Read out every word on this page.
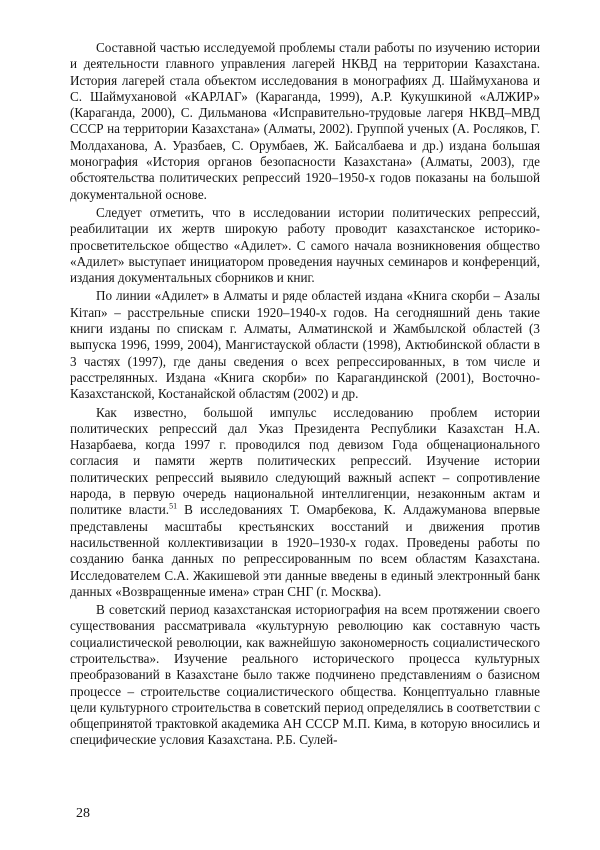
Составной частью исследуемой проблемы стали работы по изучению истории и деятельности главного управления лагерей НКВД на территории Казахстана. История лагерей стала объектом исследования в монографиях Д. Шаймуханова и С. Шаймухановой «КАРЛАГ» (Караганда, 1999), А.Р. Кукушкиной «АЛЖИР» (Караганда, 2000), С. Дильманова «Исправительно-трудовые лагеря НКВД–МВД СССР на территории Казахстана» (Алматы, 2002). Группой ученых (А. Росляков, Г. Молдаханова, А. Уразбаев, С. Орумбаев, Ж. Байсалбаева и др.) издана большая монография «История органов безопасности Казахстана» (Алматы, 2003), где обстоятельства политических репрессий 1920–1950-х годов показаны на большой документальной основе.

Следует отметить, что в исследовании истории политических репрессий, реабилитации их жертв широкую работу проводит казахстанское историко-просветительское общество «Адилет». С самого начала возникновения общество «Адилет» выступает инициатором проведения научных семинаров и конференций, издания документальных сборников и книг.

По линии «Адилет» в Алматы и ряде областей издана «Книга скорби – Азалы Кітап» – расстрельные списки 1920–1940-х годов. На сегодняшний день такие книги изданы по спискам г. Алматы, Алматинской и Жамбылской областей (3 выпуска 1996, 1999, 2004), Мангистауской области (1998), Актюбинской области в 3 частях (1997), где даны сведения о всех репрессированных, в том числе и расстрелянных. Издана «Книга скорби» по Карагандинской (2001), Восточно-Казахстанской, Костанайской областям (2002) и др.

Как известно, большой импульс исследованию проблем истории политических репрессий дал Указ Президента Республики Казахстан Н.А. Назарбаева, когда 1997 г. проводился под девизом Года общенационального согласия и памяти жертв политических репрессий. Изучение истории политических репрессий выявило следующий важный аспект – сопротивление народа, в первую очередь национальной интеллигенции, незаконным актам и политике власти.$^{51}$ В исследованиях Т. Омарбекова, К. Алдажуманова впервые представлены масштабы крестьянских восстаний и движения против насильственной коллективизации в 1920–1930-х годах. Проведены работы по созданию банка данных по репрессированным по всем областям Казахстана. Исследователем С.А. Жакишевой эти данные введены в единый электронный банк данных «Возвращенные имена» стран СНГ (г. Москва).

В советский период казахстанская историография на всем протяжении своего существования рассматривала «культурную революцию как составную часть социалистической революции, как важнейшую закономерность социалистического строительства». Изучение реального исторического процесса культурных преобразований в Казахстане было также подчинено представлениям о базисном процессе – строительстве социалистического общества. Концептуально главные цели культурного строительства в советский период определялись в соответствии с общепринятой трактовкой академика АН СССР М.П. Кима, в которую вносились и специфические условия Казахстана. Р.Б. Сулей-

28
